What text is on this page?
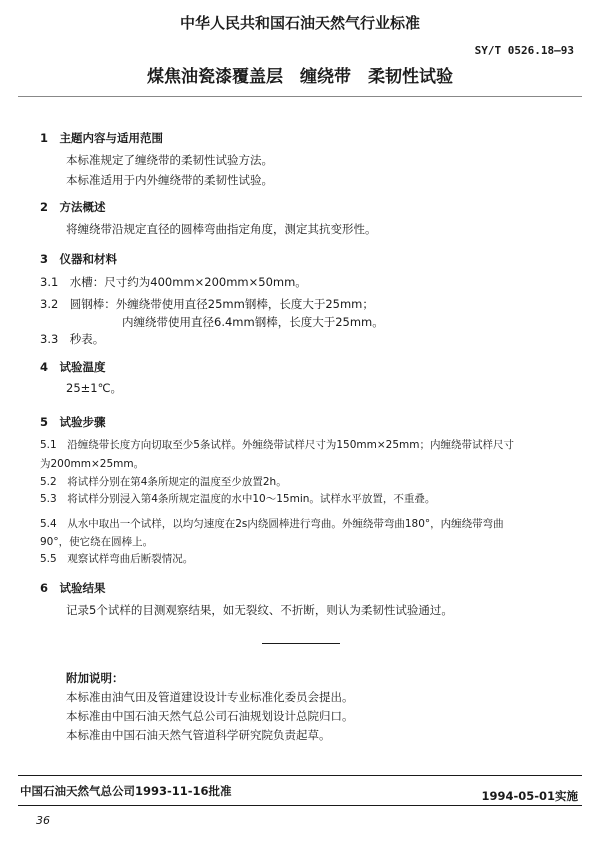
中华人民共和国石油天然气行业标准
SY/T 0526.18—93
煤焦油瓷漆覆盖层　缠绕带　柔韧性试验
1　主题内容与适用范围
本标准规定了缠绕带的柔韧性试验方法。
本标准适用于内外缠绕带的柔韧性试验。
2　方法概述
将缠绕带沿规定直径的圆棒弯曲指定角度，测定其抗变形性。
3　仪器和材料
3.1　水槽：尺寸约为400mm×200mm×50mm。
3.2　圆钢棒：外缠绕带使用直径25mm钢棒，长度大于25mm；
内缠绕带使用直径6.4mm钢棒，长度大于25mm。
3.3　秒表。
4　试验温度
25±1℃。
5　试验步骤
5.1　沿缠绕带长度方向切取至少5条试样。外缠绕带试样尺寸为150mm×25mm；内缠绕带试样尺寸
为200mm×25mm。
5.2　将试样分别在第4条所规定的温度至少放置2h。
5.3　将试样分别浸入第4条所规定温度的水中10～15min。试样水平放置，不重叠。
5.4　从水中取出一个试样，以均匀速度在2s内绕圆棒进行弯曲。外缠绕带弯曲180°，内缠绕带弯曲
90°，使它绕在圆棒上。
5.5　观察试样弯曲后断裂情况。
6　试验结果
记录5个试样的目测观察结果，如无裂纹、不折断，则认为柔韧性试验通过。
附加说明：
本标准由油气田及管道建设设计专业标准化委员会提出。
本标准由中国石油天然气总公司石油规划设计总院归口。
本标准由中国石油天然气管道科学研究院负责起草。
中国石油天然气总公司1993-11-16批准	1994-05-01实施
36
